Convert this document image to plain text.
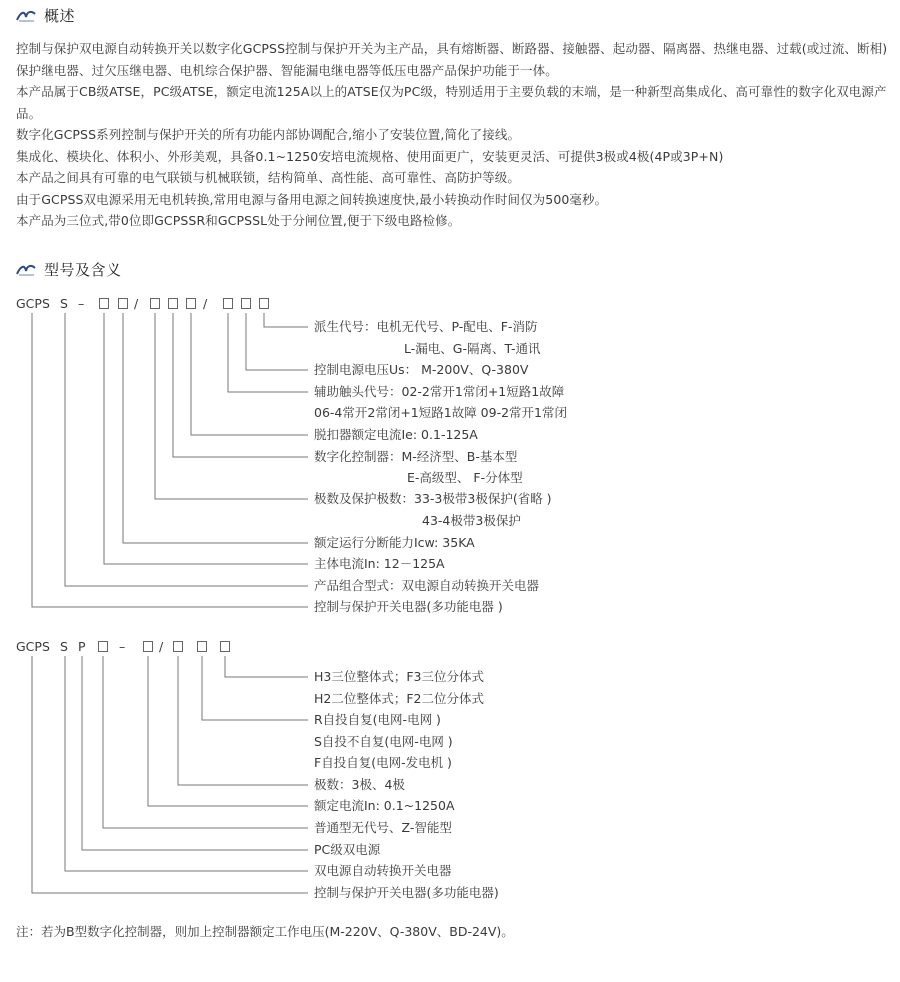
概述

控制与保护双电源自动转换开关以数字化GCPSS控制与保护开关为主产品，具有熔断器、断路器、接触器、起动器、隔离器、热继电器、过载(或过流、断相)保护继电器、过欠压继电器、电机综合保护器、智能漏电继电器等低压电器产品保护功能于一体。

本产品属于CB级ATSE，PC级ATSE，额定电流125A以上的ATSE仅为PC级，特别适用于主要负载的末端，是一种新型高集成化、高可靠性的数字化双电源产品。

数字化GCPSS系列控制与保护开关的所有功能内部协调配合,缩小了安装位置,简化了接线。

集成化、模块化、体积小、外形美观，具备0.1~1250安培电流规格、使用面更广，安装更灵活、可提供3极或4极(4P或3P+N)

本产品之间具有可靠的电气联锁与机械联锁，结构简单、高性能、高可靠性、高防护等级。

由于GCPSS双电源采用无电机转换,常用电源与备用电源之间转换速度快,最小转换动作时间仅为500毫秒。

本产品为三位式,带0位即GCPSSR和GCPSSL处于分闸位置,便于下级电路检修。

型号及含义
GCPS S –	/	/
派生代号：电机无代号、P-配电、F-消防
L-漏电、G-隔离、T-通讯
控制电源电压Us： M-200V、Q-380V
辅助触头代号：02-2常开1常闭+1短路1故障
06-4常开2常闭+1短路1故障 09-2常开1常闭
脱扣器额定电流Ie: 0.1-125A
数字化控制器：M-经济型、B-基本型
E-高级型、 F-分体型
极数及保护极数：33-3极带3极保护(省略 )
43-4极带3极保护
额定运行分断能力Icw: 35KA
主体电流In: 12－125A
产品组合型式：双电源自动转换开关电器
控制与保护开关电器(多功能电器 )
GCPS S P	–	/
H3三位整体式；F3三位分体式
H2二位整体式；F2二位分体式
R自投自复(电网-电网 )
S自投不自复(电网-电网 )
F自投自复(电网-发电机 )
极数：3极、4极
额定电流In: 0.1~1250A
普通型无代号、Z-智能型
PC级双电源
双电源自动转换开关电器
控制与保护开关电器(多功能电器)
注：若为B型数字化控制器，则加上控制器额定工作电压(M-220V、Q-380V、BD-24V)。
